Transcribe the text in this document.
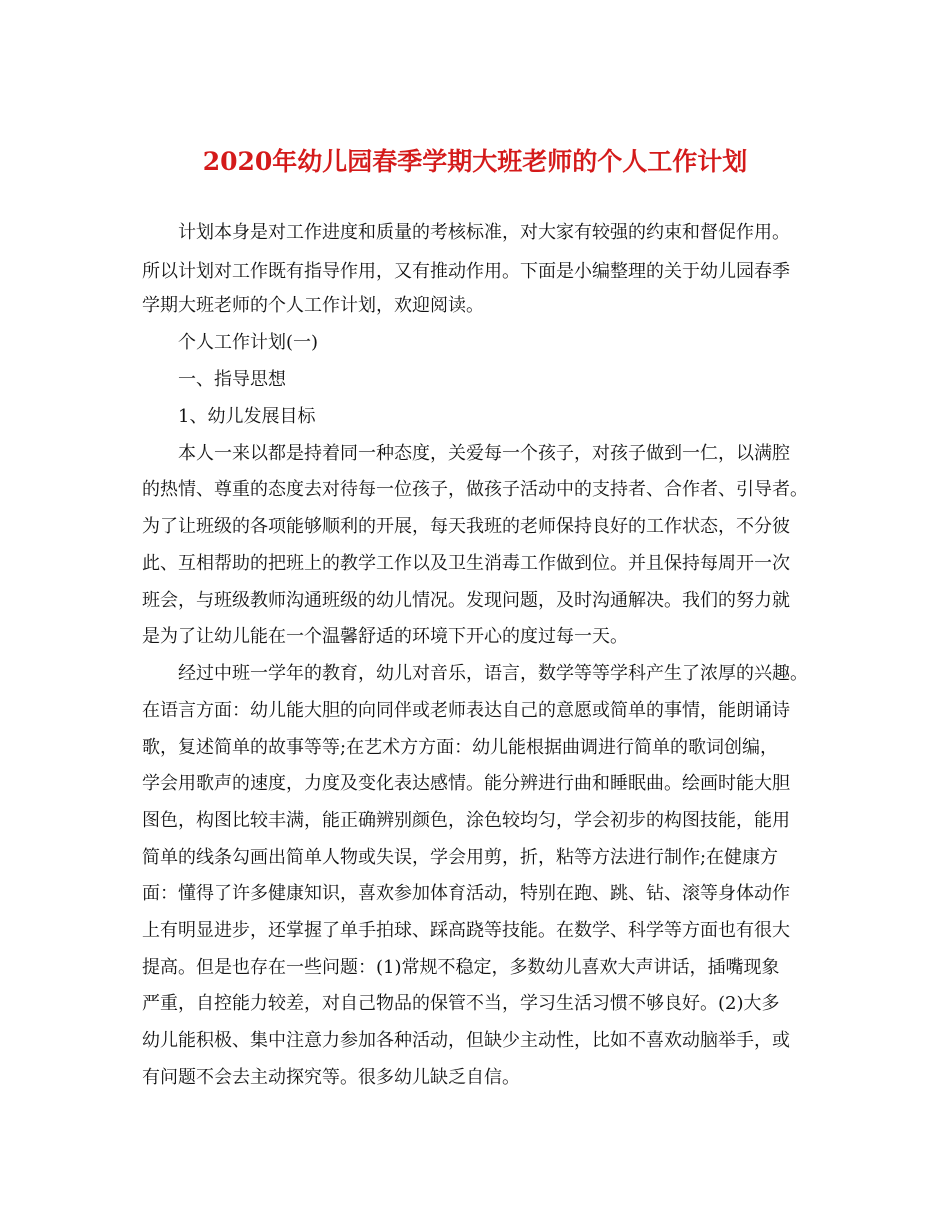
2020年幼儿园春季学期大班老师的个人工作计划
　　计划本身是对工作进度和质量的考核标准，对大家有较强的约束和督促作用。
所以计划对工作既有指导作用，又有推动作用。下面是小编整理的关于幼儿园春季
学期大班老师的个人工作计划，欢迎阅读。
　　个人工作计划(一)
　　一、指导思想
　　1、幼儿发展目标
　　本人一来以都是持着同一种态度，关爱每一个孩子，对孩子做到一仁，以满腔
的热情、尊重的态度去对待每一位孩子，做孩子活动中的支持者、合作者、引导者。
为了让班级的各项能够顺利的开展，每天我班的老师保持良好的工作状态，不分彼
此、互相帮助的把班上的教学工作以及卫生消毒工作做到位。并且保持每周开一次
班会，与班级教师沟通班级的幼儿情况。发现问题，及时沟通解决。我们的努力就
是为了让幼儿能在一个温馨舒适的环境下开心的度过每一天。
　　经过中班一学年的教育，幼儿对音乐，语言，数学等等学科产生了浓厚的兴趣。
在语言方面：幼儿能大胆的向同伴或老师表达自己的意愿或简单的事情，能朗诵诗
歌，复述简单的故事等等;在艺术方方面：幼儿能根据曲调进行简单的歌词创编，
学会用歌声的速度，力度及变化表达感情。能分辨进行曲和睡眠曲。绘画时能大胆
图色，构图比较丰满，能正确辨别颜色，涂色较均匀，学会初步的构图技能，能用
简单的线条勾画出简单人物或失误，学会用剪，折，粘等方法进行制作;在健康方
面：懂得了许多健康知识，喜欢参加体育活动，特别在跑、跳、钻、滚等身体动作
上有明显进步，还掌握了单手拍球、踩高跷等技能。在数学、科学等方面也有很大
提高。但是也存在一些问题：(1)常规不稳定，多数幼儿喜欢大声讲话，插嘴现象
严重，自控能力较差，对自己物品的保管不当，学习生活习惯不够良好。(2)大多
幼儿能积极、集中注意力参加各种活动，但缺少主动性，比如不喜欢动脑举手，或
有问题不会去主动探究等。很多幼儿缺乏自信。
